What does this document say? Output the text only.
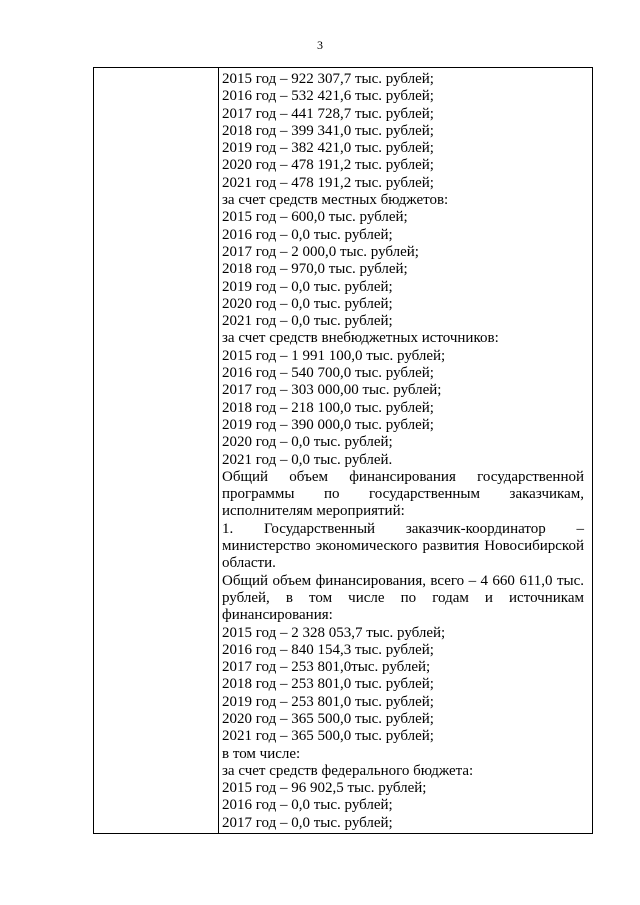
3
2015 год – 922 307,7 тыс. рублей;
2016 год – 532 421,6 тыс. рублей;
2017 год – 441 728,7 тыс. рублей;
2018 год – 399 341,0 тыс. рублей;
2019 год – 382 421,0 тыс. рублей;
2020 год – 478 191,2 тыс. рублей;
2021 год – 478 191,2 тыс. рублей;
за счет средств местных бюджетов:
2015 год – 600,0 тыс. рублей;
2016 год – 0,0 тыс. рублей;
2017 год – 2 000,0 тыс. рублей;
2018 год – 970,0 тыс. рублей;
2019 год – 0,0 тыс. рублей;
2020 год – 0,0 тыс. рублей;
2021 год – 0,0 тыс. рублей;
за счет средств внебюджетных источников:
2015 год – 1 991 100,0 тыс. рублей;
2016 год – 540 700,0 тыс. рублей;
2017 год – 303 000,00 тыс. рублей;
2018 год – 218 100,0 тыс. рублей;
2019 год – 390 000,0 тыс. рублей;
2020 год – 0,0 тыс. рублей;
2021 год – 0,0 тыс. рублей.
Общий объем финансирования государственной программы по государственным заказчикам, исполнителям мероприятий:
1. Государственный заказчик-координатор – министерство экономического развития Новосибирской области.
Общий объем финансирования, всего – 4 660 611,0 тыс. рублей, в том числе по годам и источникам финансирования:
2015 год – 2 328 053,7 тыс. рублей;
2016 год – 840 154,3 тыс. рублей;
2017 год – 253 801,0тыс. рублей;
2018 год – 253 801,0 тыс. рублей;
2019 год – 253 801,0 тыс. рублей;
2020 год – 365 500,0 тыс. рублей;
2021 год – 365 500,0 тыс. рублей;
в том числе:
за счет средств федерального бюджета:
2015 год – 96 902,5 тыс. рублей;
2016 год – 0,0 тыс. рублей;
2017 год – 0,0 тыс. рублей;
